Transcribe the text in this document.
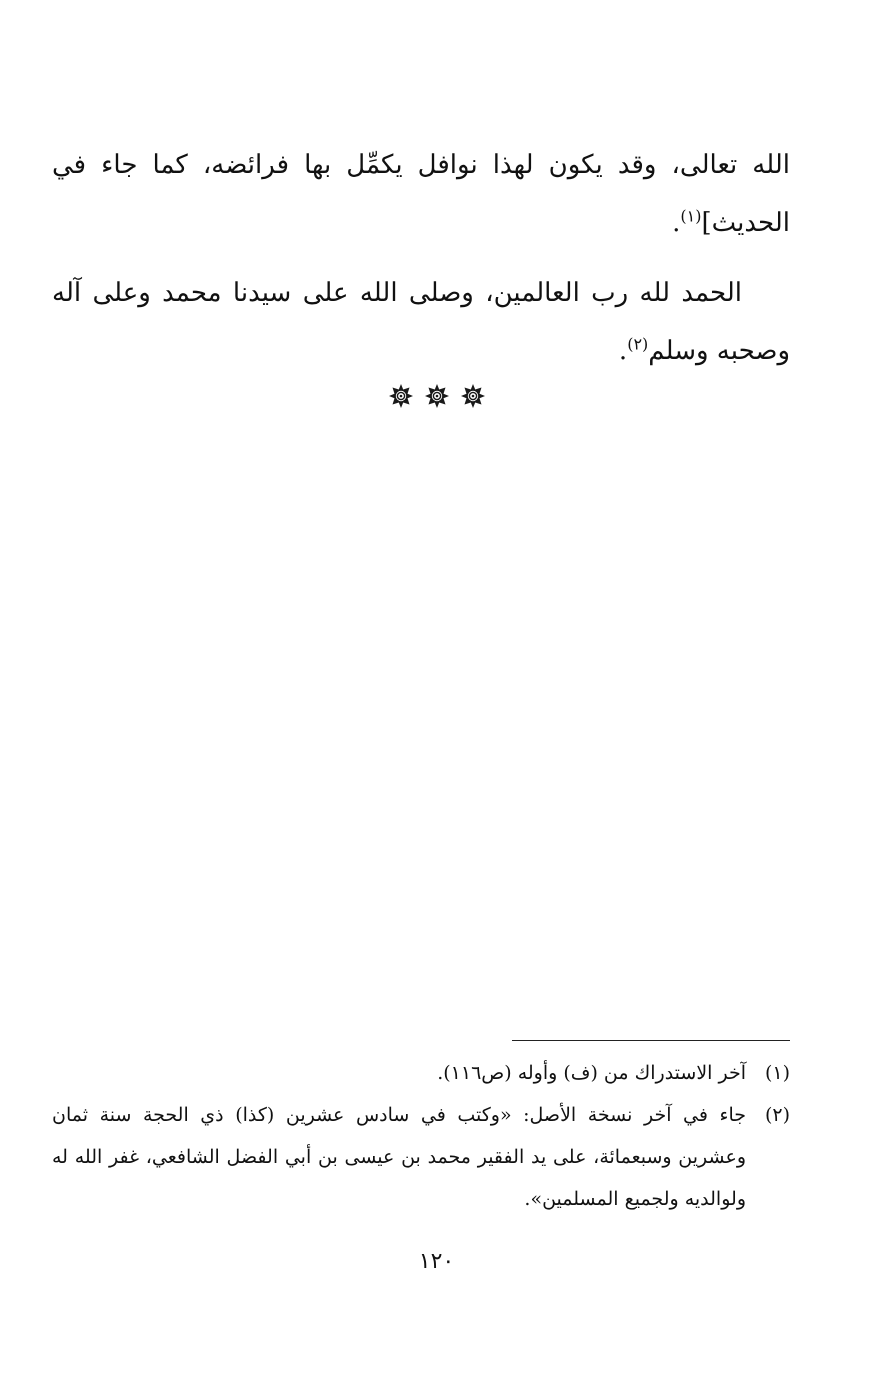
الله تعالى، وقد يكون لهذا نوافل يكمِّل بها فرائضه، كما جاء في الحديث]$^{(١)}$.

الحمد لله رب العالمين، وصلى الله على سيدنا محمد وعلى آله وصحبه وسلم$^{(٢)}$.

(١)
آخر الاستدراك من (ف) وأوله (ص١١٦).
(٢)
جاء في آخر نسخة الأصل: «وكتب في سادس عشرين (كذا) ذي الحجة سنة ثمان وعشرين وسبعمائة، على يد الفقير محمد بن عيسى بن أبي الفضل الشافعي، غفر الله له ولوالديه ولجميع المسلمين».
١٢٠
